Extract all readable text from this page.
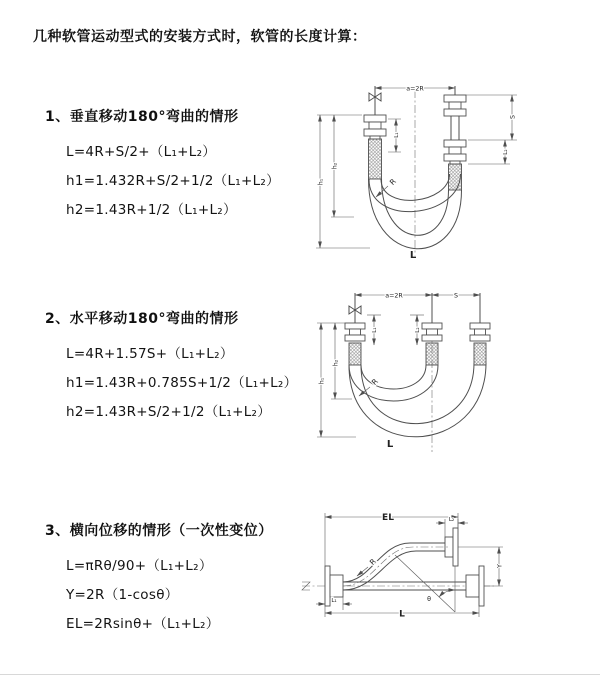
几种软管运动型式的安装方式时，软管的长度计算：
1、垂直移动180°弯曲的情形
L=4R+S/2+（L₁+L₂）
h1=1.432R+S/2+1/2（L₁+L₂）
h2=1.43R+1/2（L₁+L₂）
2、水平移动180°弯曲的情形
L=4R+1.57S+（L₁+L₂）
h1=1.43R+0.785S+1/2（L₁+L₂）
h2=1.43R+S/2+1/2（L₁+L₂）
3、横向位移的情形（一次性变位）
L=πRθ/90+（L₁+L₂）
Y=2R（1-cosθ）
EL=2Rsinθ+（L₁+L₂）
a=2R
h₁
h₂
L₁
S
L₂
R
L
a=2R	S
h₁
h₂
L₁	L₂
R
L
θ
EL	L₂
Y
L
L₁
R
